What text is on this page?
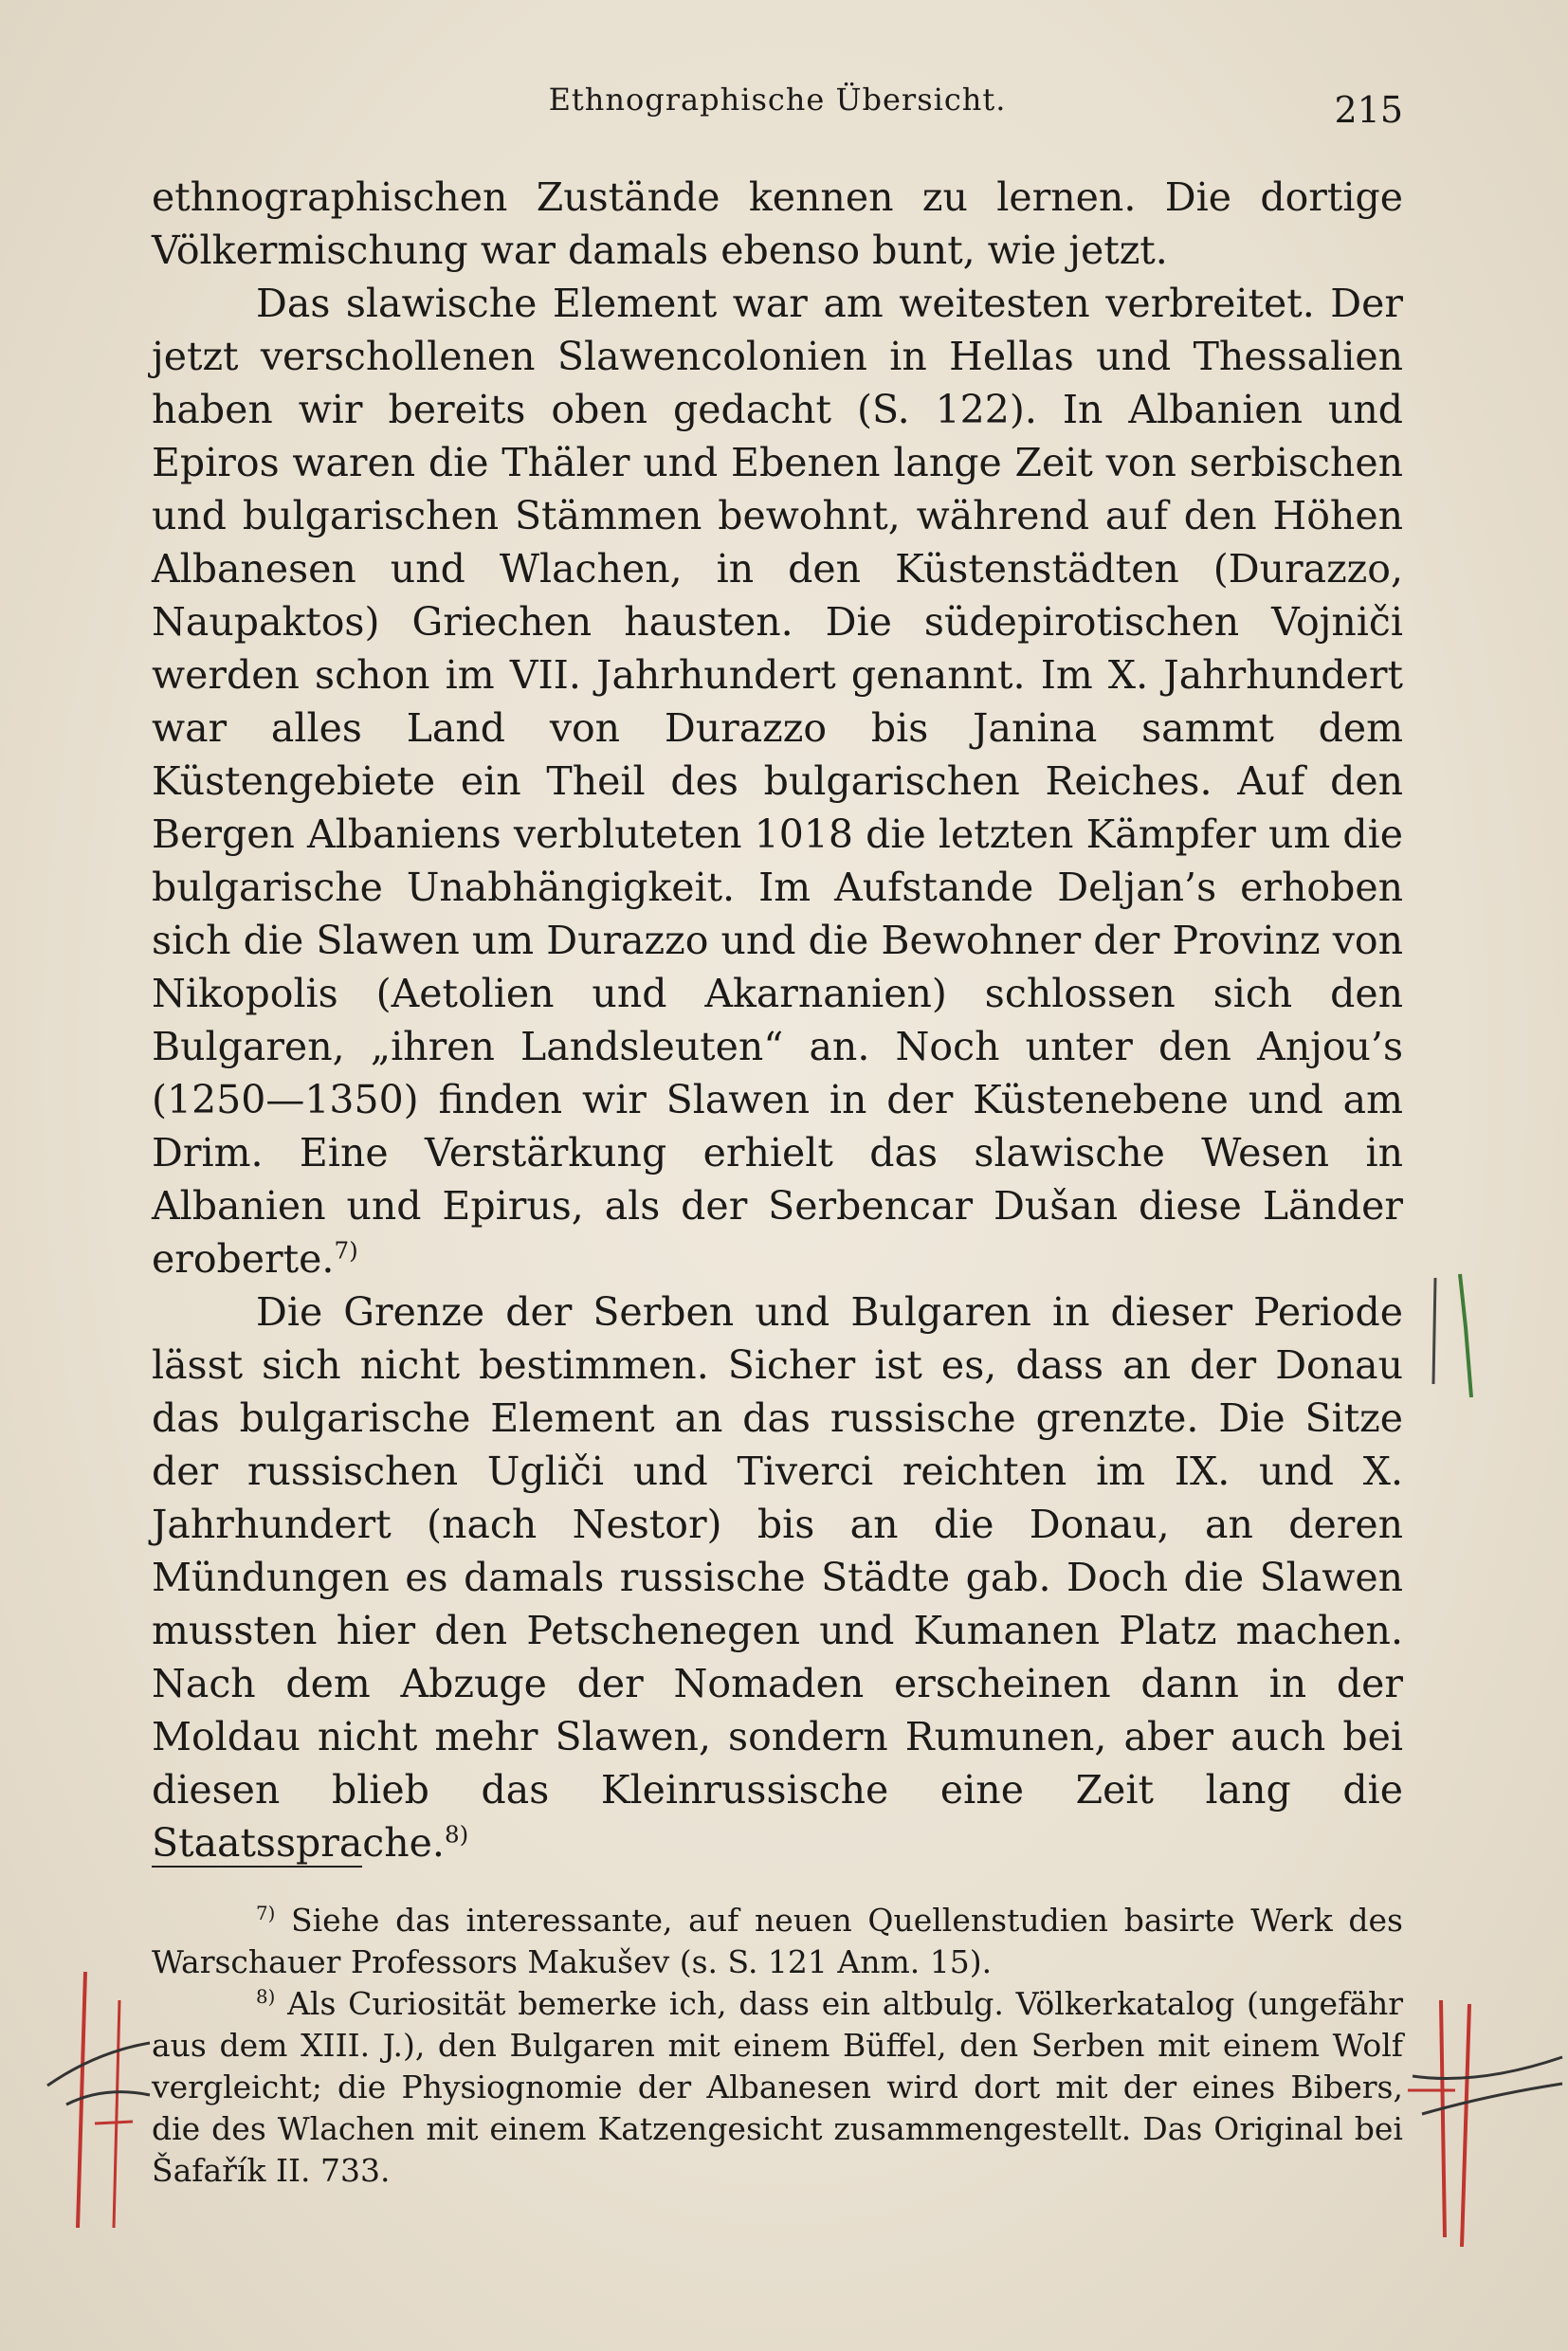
Ethnographische Übersicht.	215

ethnographischen Zustände kennen zu lernen. Die dortige Völkermischung war damals ebenso bunt, wie jetzt.

Das slawische Element war am weitesten verbreitet. Der jetzt verschollenen Slawencolonien in Hellas und Thessalien haben wir bereits oben gedacht (S. 122). In Albanien und Epiros waren die Thäler und Ebenen lange Zeit von serbischen und bulgarischen Stämmen bewohnt, während auf den Höhen Albanesen und Wlachen, in den Küstenstädten (Durazzo, Naupaktos) Griechen hausten. Die südepirotischen Vojniči werden schon im VII. Jahrhundert genannt. Im X. Jahrhundert war alles Land von Durazzo bis Janina sammt dem Küstengebiete ein Theil des bulgarischen Reiches. Auf den Bergen Albaniens verbluteten 1018 die letzten Kämpfer um die bulgarische Unabhängigkeit. Im Aufstande Deljan’s erhoben sich die Slawen um Durazzo und die Bewohner der Provinz von Nikopolis (Aetolien und Akarnanien) schlossen sich den Bulgaren, „ihren Landsleuten“ an. Noch unter den Anjou’s (1250—1350) finden wir Slawen in der Küstenebene und am Drim. Eine Verstärkung erhielt das slawische Wesen in Albanien und Epirus, als der Serbencar Dušan diese Länder eroberte.$^{7)}$

Die Grenze der Serben und Bulgaren in dieser Periode lässt sich nicht bestimmen. Sicher ist es, dass an der Donau das bulgarische Element an das russische grenzte. Die Sitze der russischen Ugliči und Tiverci reichten im IX. und X. Jahrhundert (nach Nestor) bis an die Donau, an deren Mündungen es damals russische Städte gab. Doch die Slawen mussten hier den Petschenegen und Kumanen Platz machen. Nach dem Abzuge der Nomaden erscheinen dann in der Moldau nicht mehr Slawen, sondern Rumunen, aber auch bei diesen blieb das Kleinrussische eine Zeit lang die Staatssprache.$^{8)}$

$^{7)}$ Siehe das interessante, auf neuen Quellenstudien basirte Werk des Warschauer Professors Makušev (s. S. 121 Anm. 15).

$^{8)}$ Als Curiosität bemerke ich, dass ein altbulg. Völkerkatalog (ungefähr aus dem XIII. J.), den Bulgaren mit einem Büffel, den Serben mit einem Wolf vergleicht; die Physiognomie der Albanesen wird dort mit der eines Bibers, die des Wlachen mit einem Katzengesicht zusammengestellt. Das Original bei Šafařík II. 733.
